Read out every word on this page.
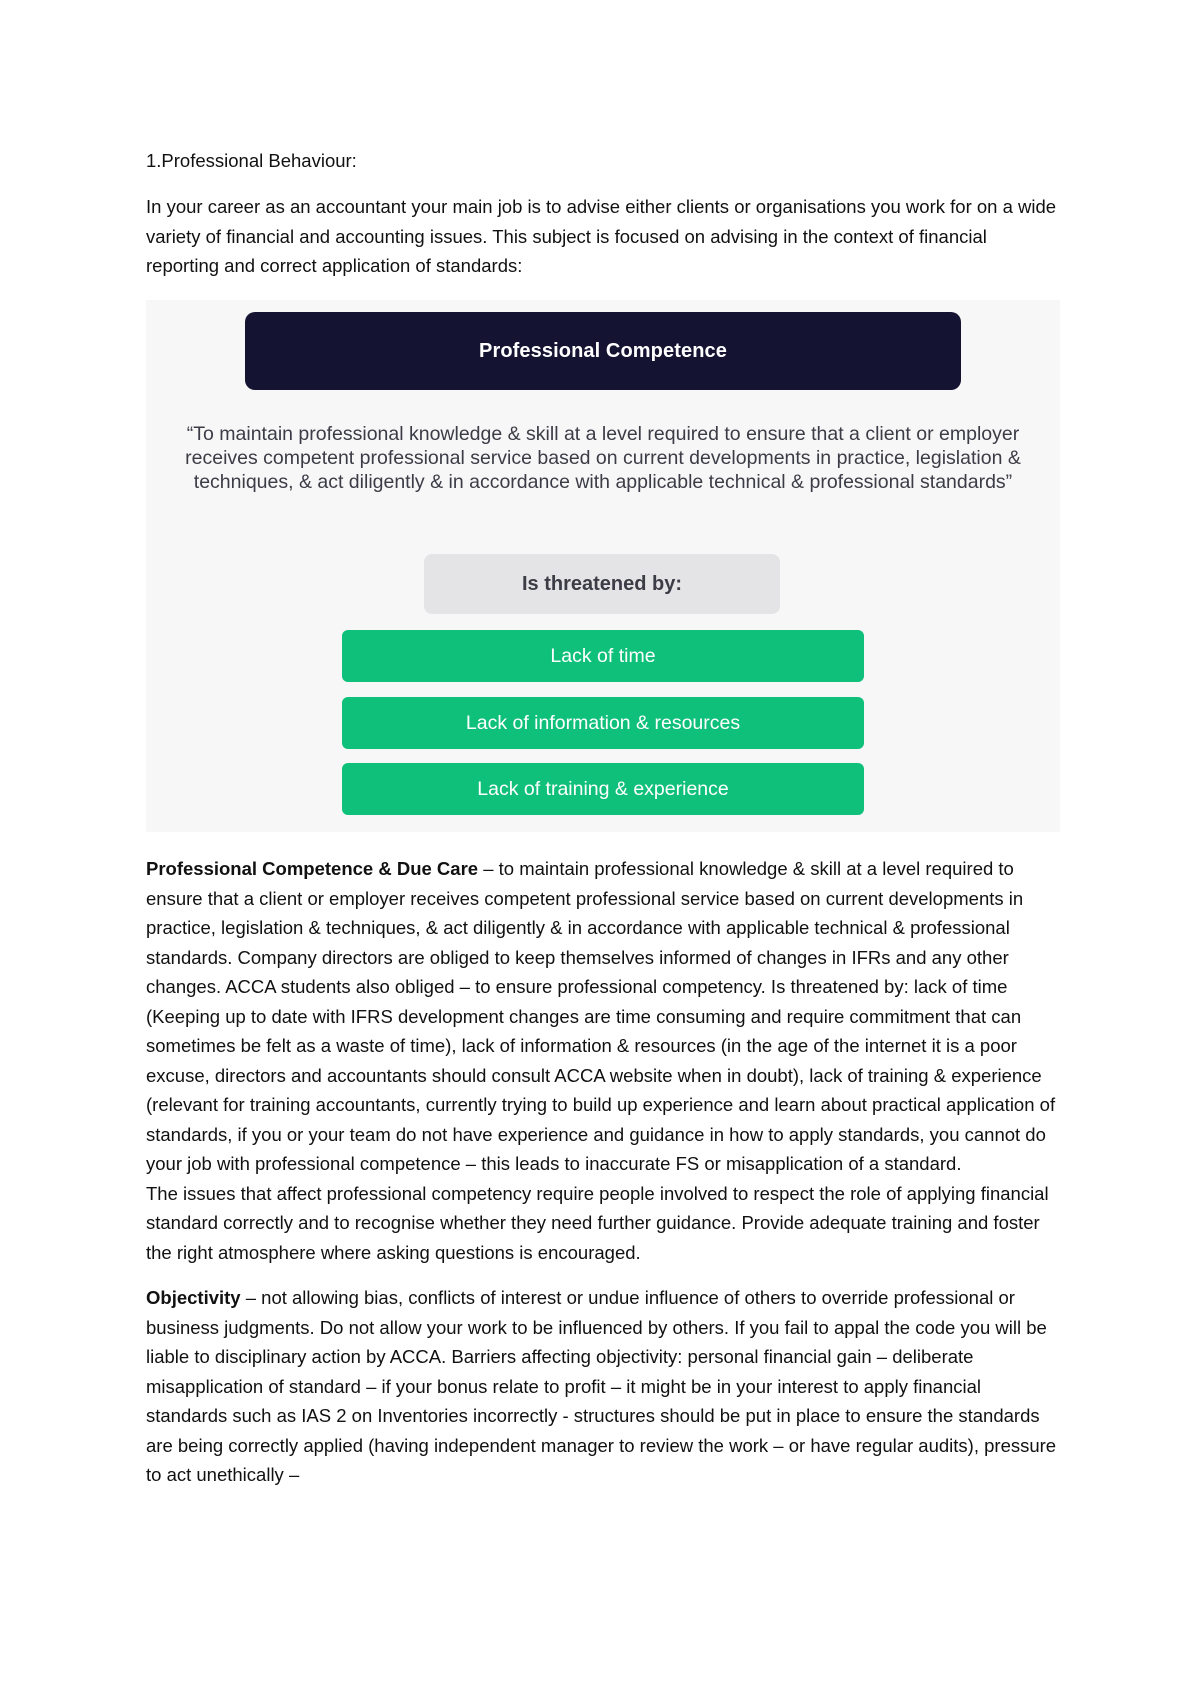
1.Professional Behaviour:

In your career as an accountant your main job is to advise either clients or organisations you work for on a wide variety of financial and accounting issues. This subject is focused on advising in the context of financial reporting and correct application of standards:

Professional Competence
“To maintain professional knowledge & skill at a level required to ensure that a client or employer receives competent professional service based on current developments in practice, legislation & techniques, & act diligently & in accordance with applicable technical & professional standards”
Is threatened by:
Lack of time
Lack of information & resources
Lack of training & experience

Professional Competence & Due Care – to maintain professional knowledge & skill at a level required to ensure that a client or employer receives competent professional service based on current developments in practice, legislation & techniques, & act diligently & in accordance with applicable technical & professional standards. Company directors are obliged to keep themselves informed of changes in IFRs and any other changes. ACCA students also obliged – to ensure professional competency. Is threatened by: lack of time (Keeping up to date with IFRS development changes are time consuming and require commitment that can sometimes be felt as a waste of time), lack of information & resources (in the age of the internet it is a poor excuse, directors and accountants should consult ACCA website when in doubt), lack of training & experience (relevant for training accountants, currently trying to build up experience and learn about practical application of standards, if you or your team do not have experience and guidance in how to apply standards, you cannot do your job with professional competence – this leads to inaccurate FS or misapplication of a standard.

The issues that affect professional competency require people involved to respect the role of applying financial standard correctly and to recognise whether they need further guidance. Provide adequate training and foster the right atmosphere where asking questions is encouraged.

Objectivity – not allowing bias, conflicts of interest or undue influence of others to override professional or business judgments. Do not allow your work to be influenced by others. If you fail to appal the code you will be liable to disciplinary action by ACCA. Barriers affecting objectivity: personal financial gain – deliberate misapplication of standard – if your bonus relate to profit – it might be in your interest to apply financial standards such as IAS 2 on Inventories incorrectly - structures should be put in place to ensure the standards are being correctly applied (having independent manager to review the work – or have regular audits), pressure to act unethically –
